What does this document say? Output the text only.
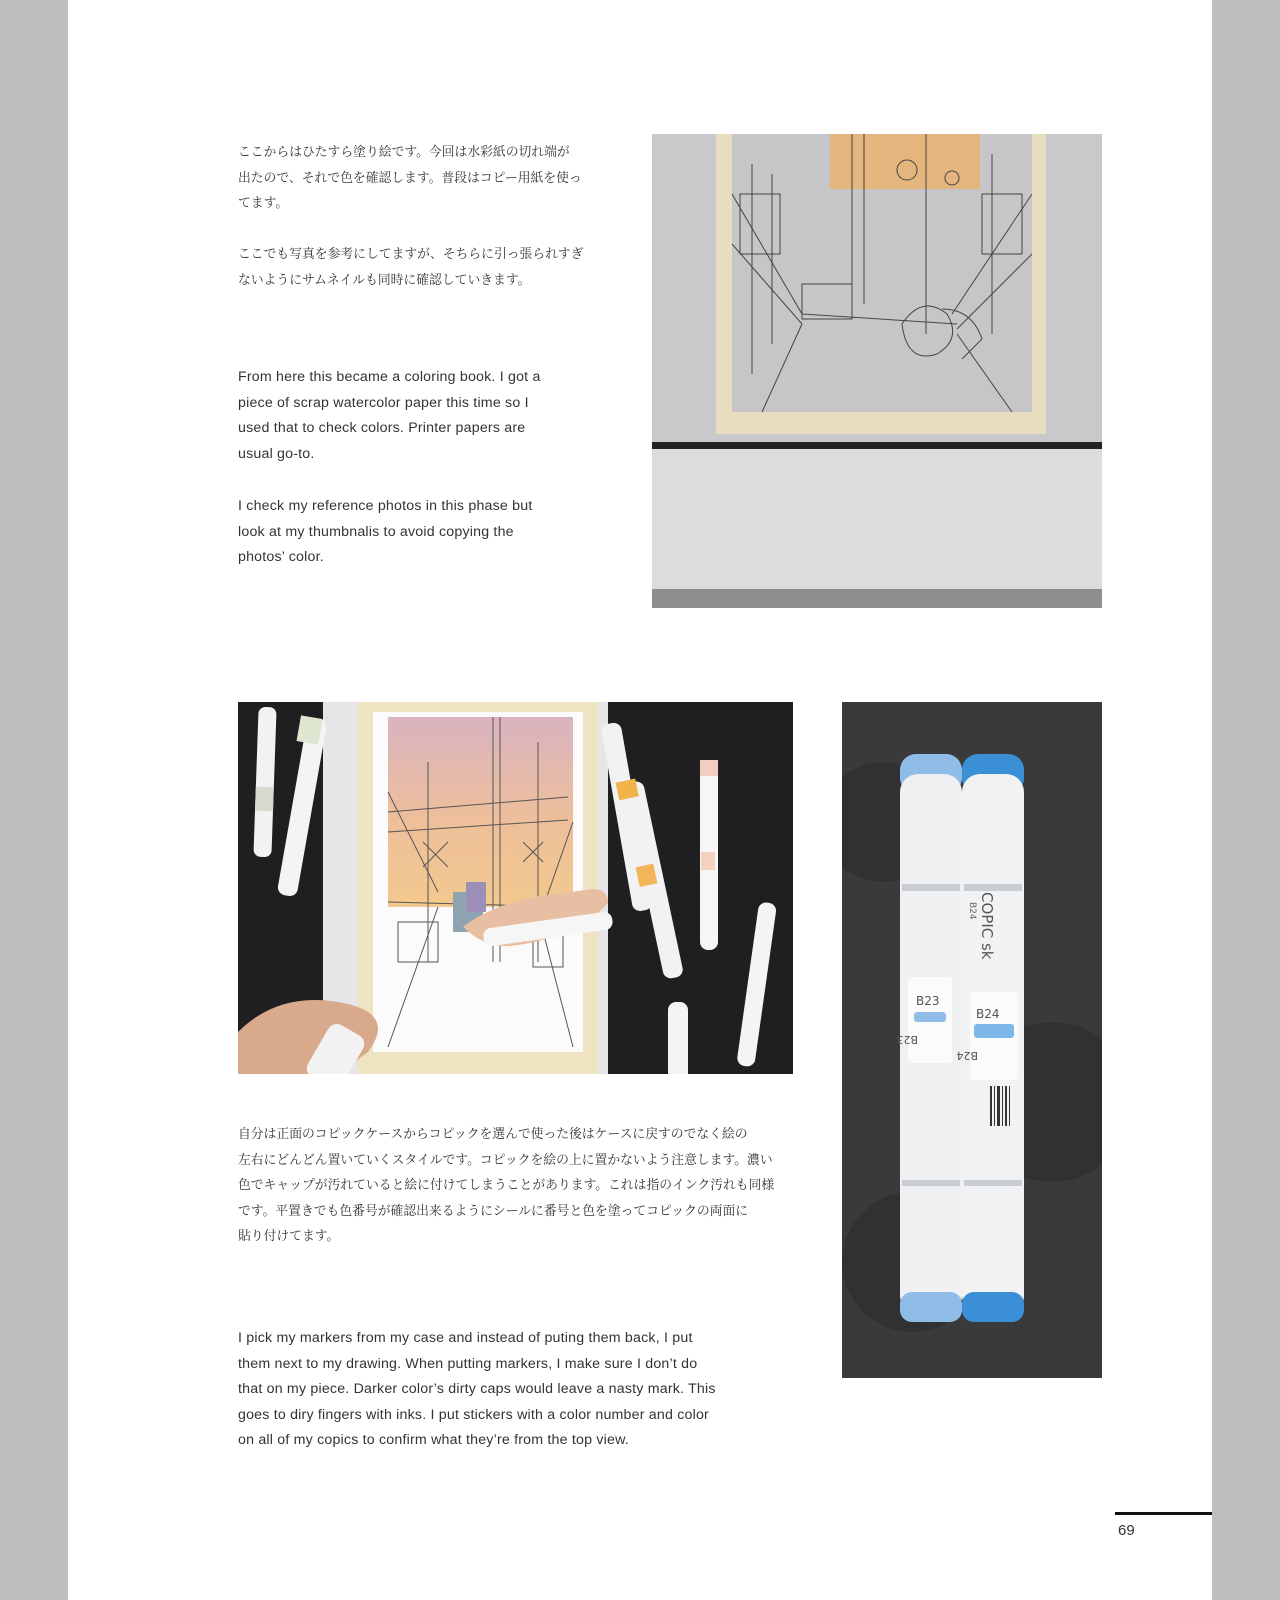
ここからはひたすら塗り絵です。今回は水彩紙の切れ端が
出たので、それで色を確認します。普段はコピー用紙を使っ
てます。

ここでも写真を参考にしてますが、そちらに引っ張られすぎ
ないようにサムネイルも同時に確認していきます。

From here this became a coloring book. I got a
piece of scrap watercolor paper this time so I
used that to check colors. Printer papers are
usual go-to.

I check my reference photos in this phase but
look at my thumbnalis to avoid copying the
photos’ color.

B23
B23
B24
B24
COPIC sk
B24

自分は正面のコピックケースからコピックを選んで使った後はケースに戻すのでなく絵の
左右にどんどん置いていくスタイルです。コピックを絵の上に置かないよう注意します。濃い
色でキャップが汚れていると絵に付けてしまうことがあります。これは指のインク汚れも同様
です。平置きでも色番号が確認出来るようにシールに番号と色を塗ってコピックの両面に
貼り付けてます。

I pick my markers from my case and instead of puting them back, I put
them next to my drawing. When putting markers, I make sure I don’t do
that on my piece. Darker color’s dirty caps would leave a nasty mark. This
goes to diry fingers with inks. I put stickers with a color number and color
on all of my copics to confirm what they’re from the top view.

69
